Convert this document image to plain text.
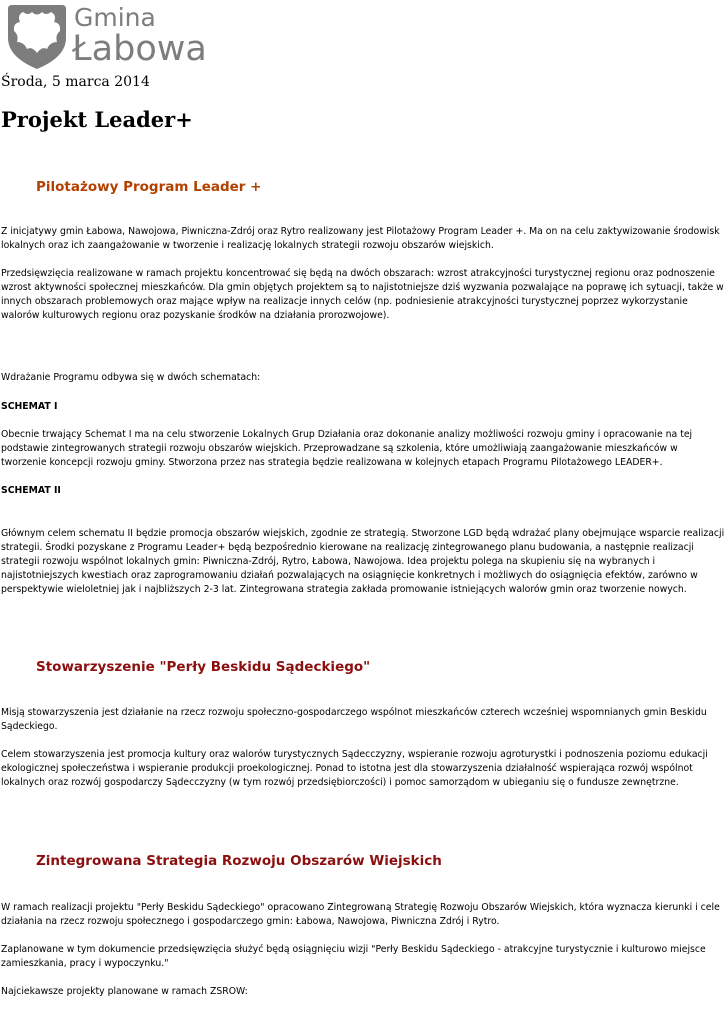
Gmina
Łabowa
Środa, 5 marca 2014
Projekt Leader+
Pilotażowy Program Leader +

Z inicjatywy gmin Łabowa, Nawojowa, Piwniczna-Zdrój oraz Rytro realizowany jest Pilotażowy Program Leader +. Ma on na celu zaktywizowanie środowisk lokalnych oraz ich zaangażowanie w tworzenie i realizację lokalnych strategii rozwoju obszarów wiejskich.

Przedsięwzięcia realizowane w ramach projektu koncentrować się będą na dwóch obszarach: wzrost atrakcyjności turystycznej regionu oraz podnoszenie wzrost aktywności społecznej mieszkańców. Dla gmin objętych projektem są to najistotniejsze dziś wyzwania pozwalające na poprawę ich sytuacji, także w innych obszarach problemowych oraz mające wpływ na realizacje innych celów (np. podniesienie atrakcyjności turystycznej poprzez wykorzystanie walorów kulturowych regionu oraz pozyskanie środków na działania prorozwojowe).

Wdrażanie Programu odbywa się w dwóch schematach:

SCHEMAT I

Obecnie trwający Schemat I ma na celu stworzenie Lokalnych Grup Działania oraz dokonanie analizy możliwości rozwoju gminy i opracowanie na tej podstawie zintegrowanych strategii rozwoju obszarów wiejskich. Przeprowadzane są szkolenia, które umożliwiają zaangażowanie mieszkańców w tworzenie koncepcji rozwoju gminy. Stworzona przez nas strategia będzie realizowana w kolejnych etapach Programu Pilotażowego LEADER+.

SCHEMAT II

Głównym celem schematu II będzie promocja obszarów wiejskich, zgodnie ze strategią. Stworzone LGD będą wdrażać plany obejmujące wsparcie realizacji strategii. Środki pozyskane z Programu Leader+ będą bezpośrednio kierowane na realizację zintegrowanego planu budowania, a następnie realizacji strategii rozwoju wspólnot lokalnych gmin: Piwniczna-Zdrój, Rytro, Łabowa, Nawojowa. Idea projektu polega na skupieniu się na wybranych i najistotniejszych kwestiach oraz zaprogramowaniu działań pozwalających na osiągnięcie konkretnych i możliwych do osiągnięcia efektów, zarówno w perspektywie wieloletniej jak i najbliższych 2-3 lat. Zintegrowana strategia zakłada promowanie istniejących walorów gmin oraz tworzenie nowych.

Stowarzyszenie "Perły Beskidu Sądeckiego"

Misją stowarzyszenia jest działanie na rzecz rozwoju społeczno-gospodarczego wspólnot mieszkańców czterech wcześniej wspomnianych gmin Beskidu Sądeckiego.

Celem stowarzyszenia jest promocja kultury oraz walorów turystycznych Sądecczyzny, wspieranie rozwoju agroturystki i podnoszenia poziomu edukacji ekologicznej społeczeństwa i wspieranie produkcji proekologicznej. Ponad to istotna jest dla stowarzyszenia działalność wspierająca rozwój wspólnot lokalnych oraz rozwój gospodarczy Sądecczyzny (w tym rozwój przedsiębiorczości) i pomoc samorządom w ubieganiu się o fundusze zewnętrzne.

Zintegrowana Strategia Rozwoju Obszarów Wiejskich

W ramach realizacji projektu "Perły Beskidu Sądeckiego" opracowano Zintegrowaną Strategię Rozwoju Obszarów Wiejskich, która wyznacza kierunki i cele działania na rzecz rozwoju społecznego i gospodarczego gmin: Łabowa, Nawojowa, Piwniczna Zdrój i Rytro.

Zaplanowane w tym dokumencie przedsięwzięcia służyć będą osiągnięciu wizji "Perły Beskidu Sądeckiego - atrakcyjne turystycznie i kulturowo miejsce zamieszkania, pracy i wypoczynku."

Najciekawsze projekty planowane w ramach ZSROW:
